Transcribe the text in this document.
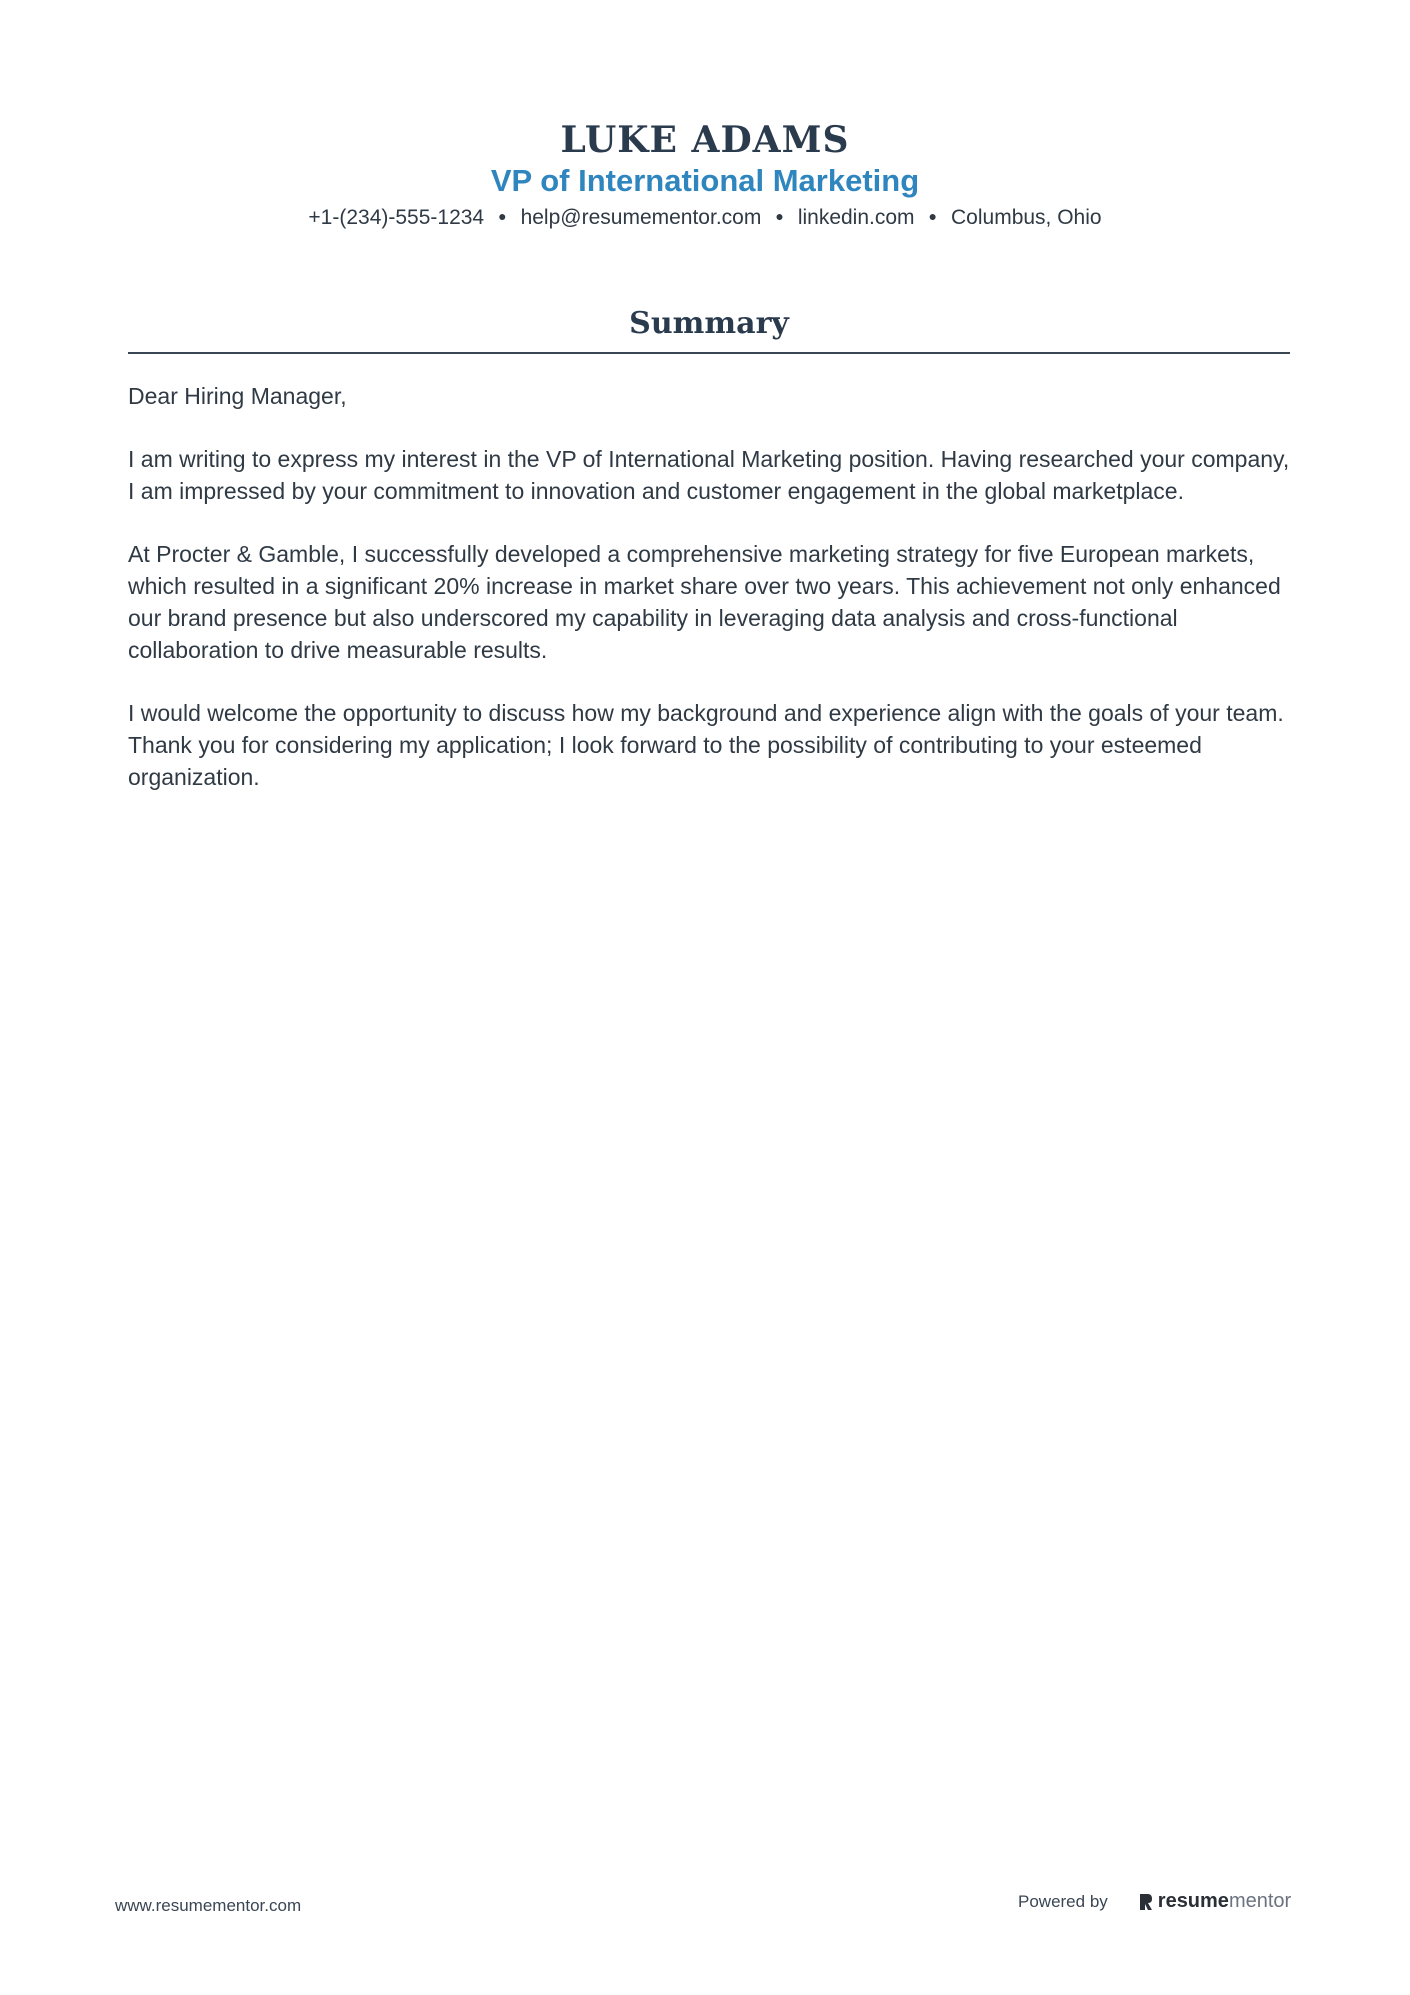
LUKE ADAMS
VP of International Marketing
+1-(234)-555-1234 ● help@resumementor.com ● linkedin.com ● Columbus, Ohio
Summary

Dear Hiring Manager,

I am writing to express my interest in the VP of International Marketing position. Having researched your company, I am impressed by your commitment to innovation and customer engagement in the global marketplace.

At Procter & Gamble, I successfully developed a comprehensive marketing strategy for five European markets, which resulted in a significant 20% increase in market share over two years. This achievement not only enhanced our brand presence but also underscored my capability in leveraging data analysis and cross-functional collaboration to drive measurable results.

I would welcome the opportunity to discuss how my background and experience align with the goals of your team. Thank you for considering my application; I look forward to the possibility of contributing to your esteemed organization.

www.resumementor.com	Powered by	resume mentor
